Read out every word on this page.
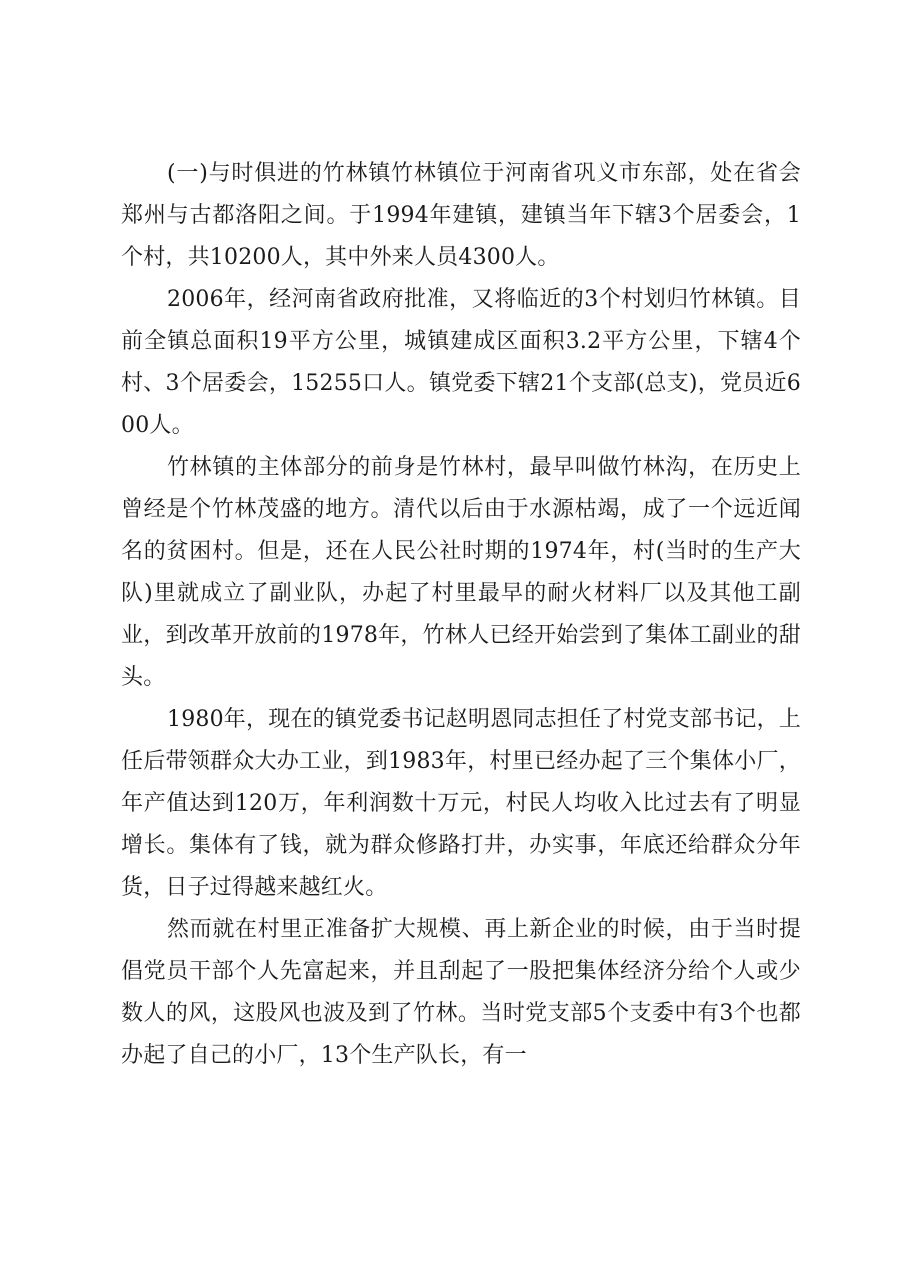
(一)与时俱进的竹林镇竹林镇位于河南省巩义市东部，处在省会郑州与古都洛阳之间。于1994年建镇，建镇当年下辖3个居委会，1个村，共10200人，其中外来人员4300人。

2006年，经河南省政府批准，又将临近的3个村划归竹林镇。目前全镇总面积19平方公里，城镇建成区面积3.2平方公里，下辖4个村、3个居委会，15255口人。镇党委下辖21个支部(总支)，党员近600人。

竹林镇的主体部分的前身是竹林村，最早叫做竹林沟，在历史上曾经是个竹林茂盛的地方。清代以后由于水源枯竭，成了一个远近闻名的贫困村。但是，还在人民公社时期的1974年，村(当时的生产大队)里就成立了副业队，办起了村里最早的耐火材料厂以及其他工副业，到改革开放前的1978年，竹林人已经开始尝到了集体工副业的甜头。

1980年，现在的镇党委书记赵明恩同志担任了村党支部书记，上任后带领群众大办工业，到1983年，村里已经办起了三个集体小厂，年产值达到120万，年利润数十万元，村民人均收入比过去有了明显增长。集体有了钱，就为群众修路打井，办实事，年底还给群众分年货，日子过得越来越红火。

然而就在村里正准备扩大规模、再上新企业的时候，由于当时提倡党员干部个人先富起来，并且刮起了一股把集体经济分给个人或少数人的风，这股风也波及到了竹林。当时党支部5个支委中有3个也都办起了自己的小厂，13个生产队长，有一
